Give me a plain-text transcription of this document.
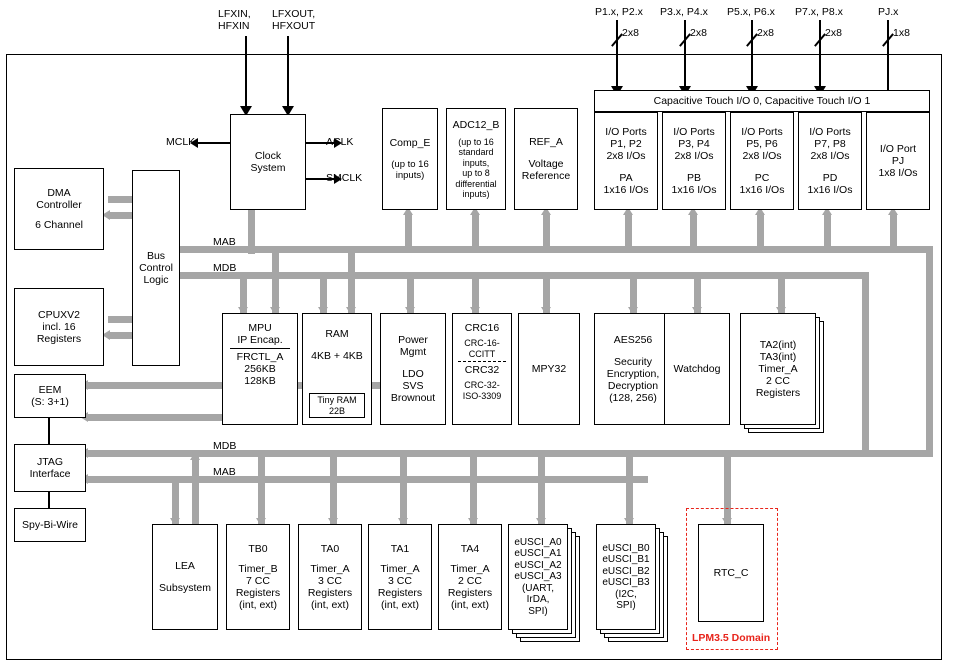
P1.x, P2.x P3.x, P4.x P5.x, P6.x P7.x, P8.x	PJ.x
2x8	2x8	2x8	2x8	1x8
LFXIN,
HFXIN
LFXOUT,
HFXOUT
Capacitive Touch I/O 0, Capacitive Touch I/O 1
MAB
MDB
MDB
MAB
DMA
Controller
6 Channel
CPUXV2
incl. 16
Registers
EEM
(S: 3+1)
JTAG
Interface
Spy-Bi-Wire
Bus
Control
Logic
Clock
System
MCLK	ACLK
SMCLK
Comp_E
(up to 16
inputs)
ADC12_B
(up to 16
standard
inputs,
up to 8
differential
inputs)
REF_A
Voltage
Reference
I/O Ports
P1, P2
2x8 I/Os
PA
1x16 I/Os
I/O Ports
P3, P4
2x8 I/Os
PB
1x16 I/Os
I/O Ports
P5, P6
2x8 I/Os
PC
1x16 I/Os
I/O Ports
P7, P8
2x8 I/Os
PD
1x16 I/Os
I/O Port
PJ
1x8 I/Os
MPU
IP Encap.
FRCTL_A
256KB
128KB
RAM
4KB + 4KB
Tiny RAM
22B
Power
Mgmt
LDO
SVS
Brownout
CRC16
CRC-16-
CCITT
CRC32
CRC-32-
ISO-3309
MPY32
AES256
Security
Encryption,
Decryption
(128, 256)
Watchdog
TA2(int)
TA3(int)
Timer_A
2 CC
Registers
LEA
Subsystem
TB0
Timer_B
7 CC
Registers
(int, ext)
TA0
Timer_A
3 CC
Registers
(int, ext)
TA1
Timer_A
3 CC
Registers
(int, ext)
TA4
Timer_A
2 CC
Registers
(int, ext)
eUSCI_A0
eUSCI_A1
eUSCI_A2
eUSCI_A3
(UART,
IrDA,
SPI)
eUSCI_B0
eUSCI_B1
eUSCI_B2
eUSCI_B3
(I2C,
SPI)
RTC_C
LPM3.5 Domain
